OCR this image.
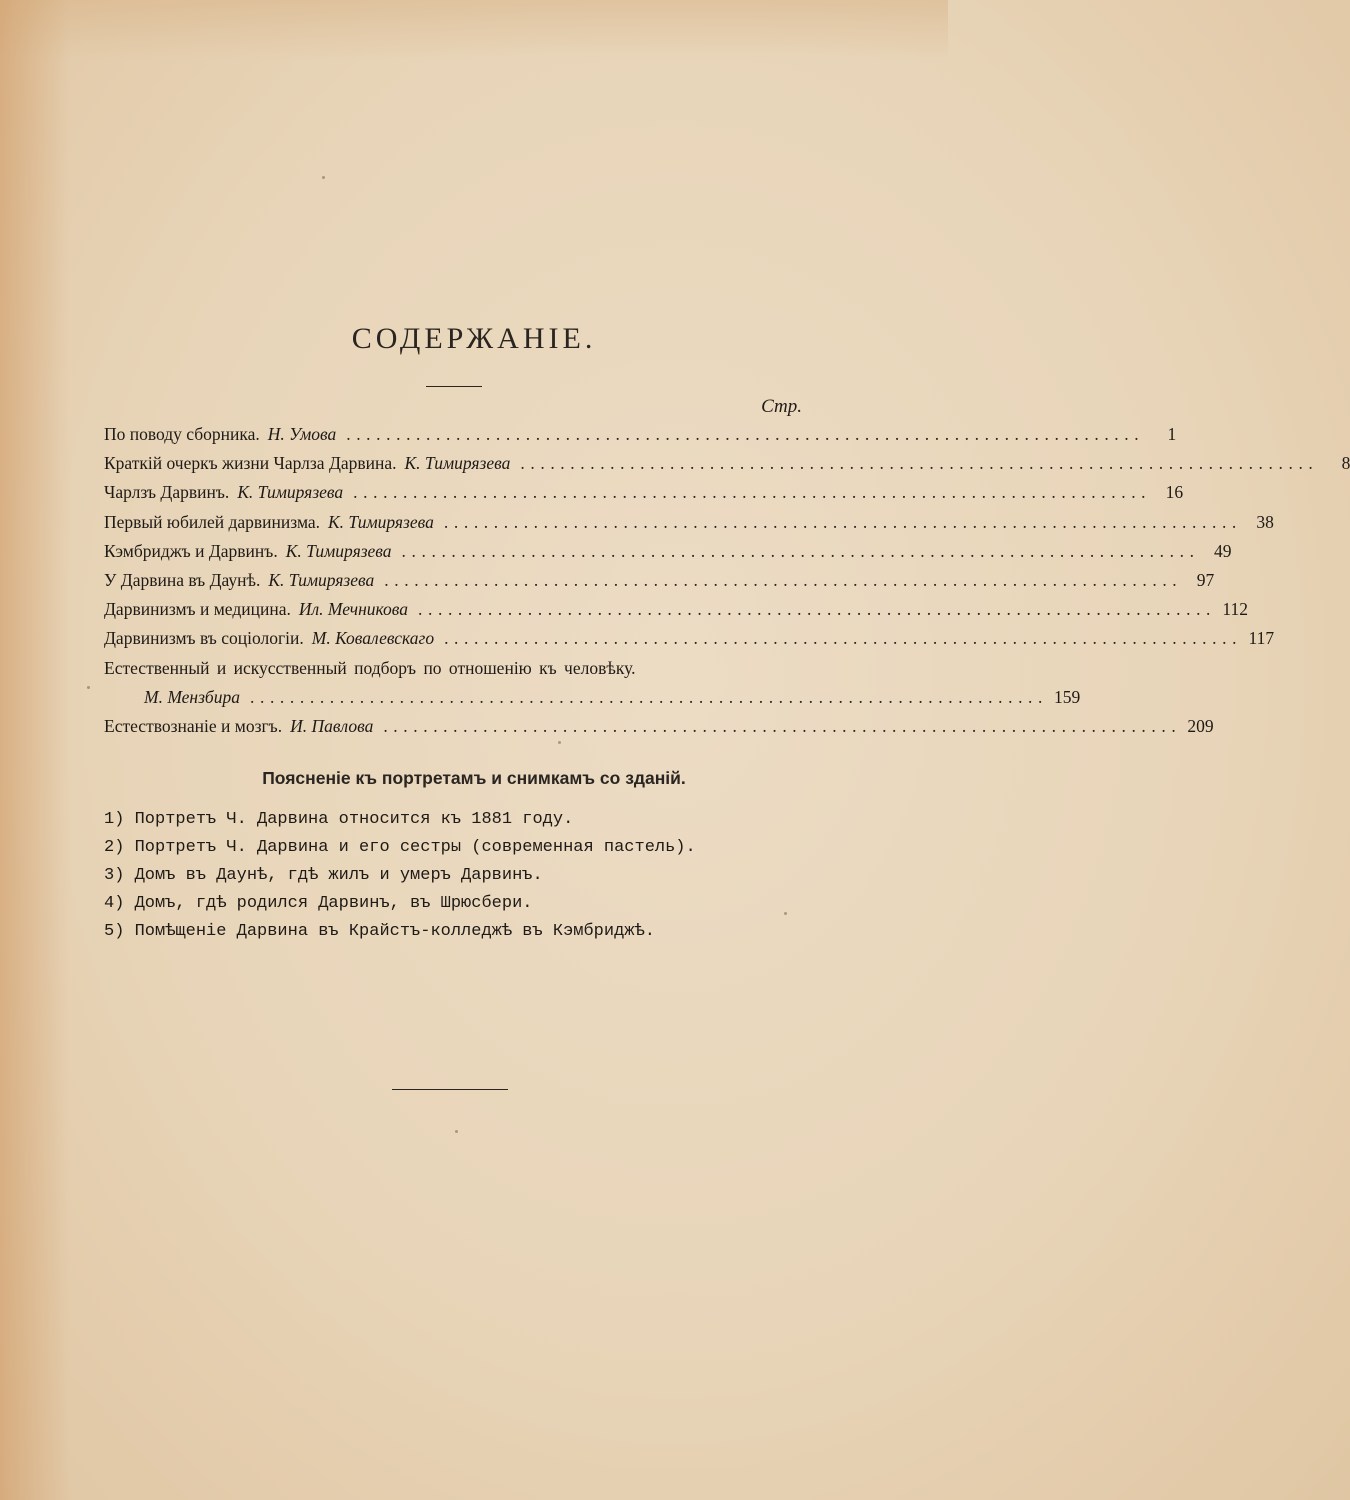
СОДЕРЖАНІЕ.
Стр.
По поводу сборника. Н. Умова ................................................................................	1
Краткій очеркъ жизни Чарлза Дарвина. К. Тимирязева ................................................................................	8
Чарлзъ Дарвинъ. К. Тимирязева ................................................................................ 16
Первый юбилей дарвинизма. К. Тимирязева ................................................................................ 38
Кэмбриджъ и Дарвинъ. К. Тимирязева ................................................................................ 49
У Дарвина въ Даунѣ. К. Тимирязева ................................................................................ 97
Дарвинизмъ и медицина. Ил. Мечникова ................................................................................ 112
Дарвинизмъ въ соціологіи. М. Ковалевскаго ................................................................................ 117
Естественный и искусственный подборъ по отношенію къ человѣку.
М. Мензбира ................................................................................ 159
Естествознаніе и мозгъ. И. Павлова ................................................................................ 209
Поясненіе къ портретамъ и снимкамъ со зданій.
1) Портретъ Ч. Дарвина относится къ 1881 году.
2) Портретъ Ч. Дарвина и его сестры (современная пастель).
3) Домъ въ Даунѣ, гдѣ жилъ и умеръ Дарвинъ.
4) Домъ, гдѣ родился Дарвинъ, въ Шрюсбери.
5) Помѣщеніе Дарвина въ Крайстъ-колледжѣ въ Кэмбриджѣ.
